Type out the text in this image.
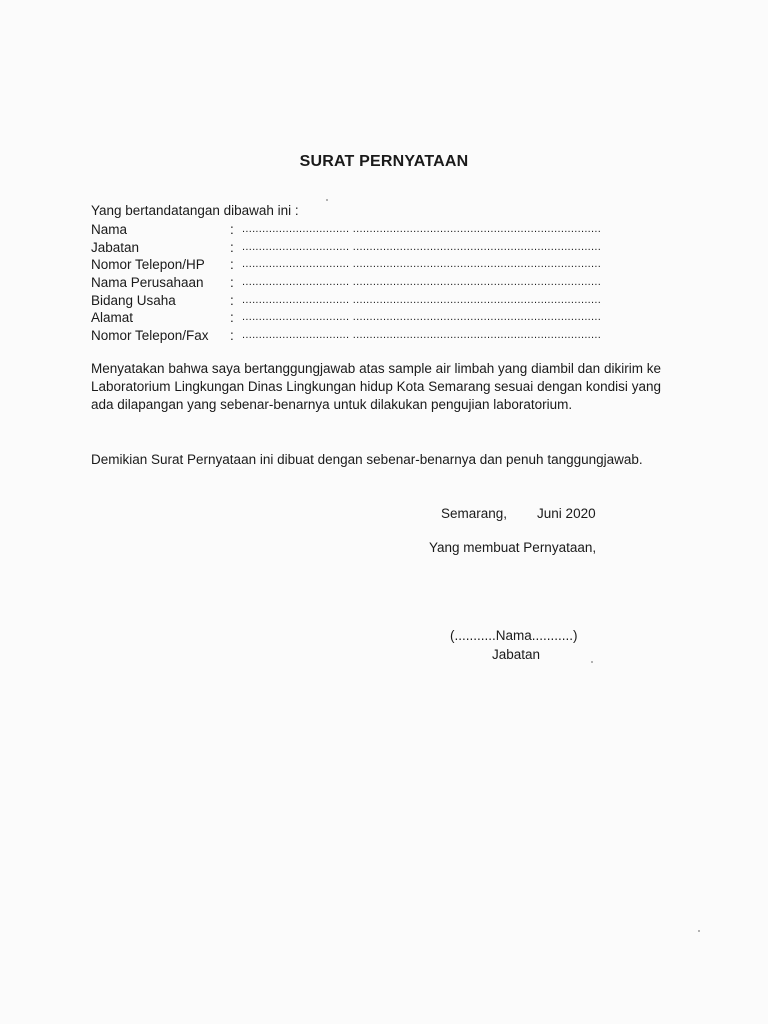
SURAT PERNYATAAN
Yang bertandatangan dibawah ini :
Nama	: ................................ ..........................................................................
Jabatan	: ................................ ..........................................................................
Nomor Telepon/HP	: ................................ ..........................................................................
Nama Perusahaan	: ................................ ..........................................................................
Bidang Usaha	: ................................ ..........................................................................
Alamat	: ................................ ..........................................................................
Nomor Telepon/Fax	: ................................ ..........................................................................
Menyatakan bahwa saya bertanggungjawab atas sample air limbah yang diambil dan dikirim ke Laboratorium Lingkungan Dinas Lingkungan hidup Kota Semarang sesuai dengan kondisi yang ada dilapangan yang sebenar-benarnya untuk dilakukan pengujian laboratorium.
Demikian Surat Pernyataan ini dibuat dengan sebenar-benarnya dan penuh tanggungjawab.
Semarang,        Juni 2020
Yang membuat Pernyataan,
(...........Nama...........)
Jabatan
